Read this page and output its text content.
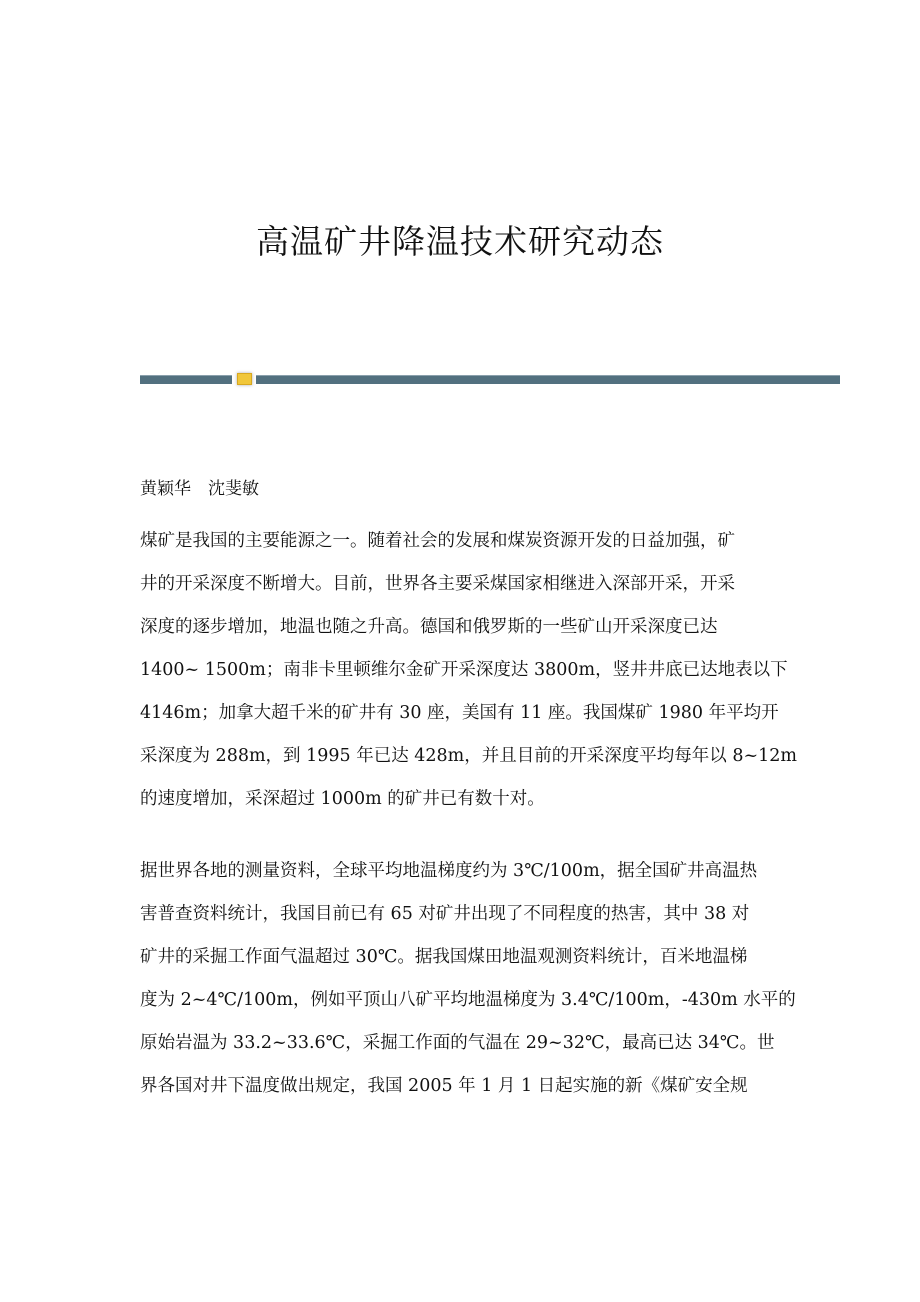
高温矿井降温技术研究动态
黄颖华　沈斐敏
煤矿是我国的主要能源之一。随着社会的发展和煤炭资源开发的日益加强，矿
井的开采深度不断增大。目前，世界各主要采煤国家相继进入深部开采，开采
深度的逐步增加，地温也随之升高。德国和俄罗斯的一些矿山开采深度已达
1400~ 1500m；南非卡里顿维尔金矿开采深度达 3800m，竖井井底已达地表以下
4146m；加拿大超千米的矿井有 30 座，美国有 11 座。我国煤矿 1980 年平均开
采深度为 288m，到 1995 年已达 428m，并且目前的开采深度平均每年以 8~12m
的速度增加，采深超过 1000m 的矿井已有数十对。
据世界各地的测量资料，全球平均地温梯度约为 3℃/100m，据全国矿井高温热
害普查资料统计，我国目前已有 65 对矿井出现了不同程度的热害，其中 38 对
矿井的采掘工作面气温超过 30℃。据我国煤田地温观测资料统计，百米地温梯
度为 2~4℃/100m，例如平顶山八矿平均地温梯度为 3.4℃/100m，-430m 水平的
原始岩温为 33.2~33.6℃，采掘工作面的气温在 29~32℃，最高已达 34℃。世
界各国对井下温度做出规定，我国 2005 年 1 月 1 日起实施的新《煤矿安全规
